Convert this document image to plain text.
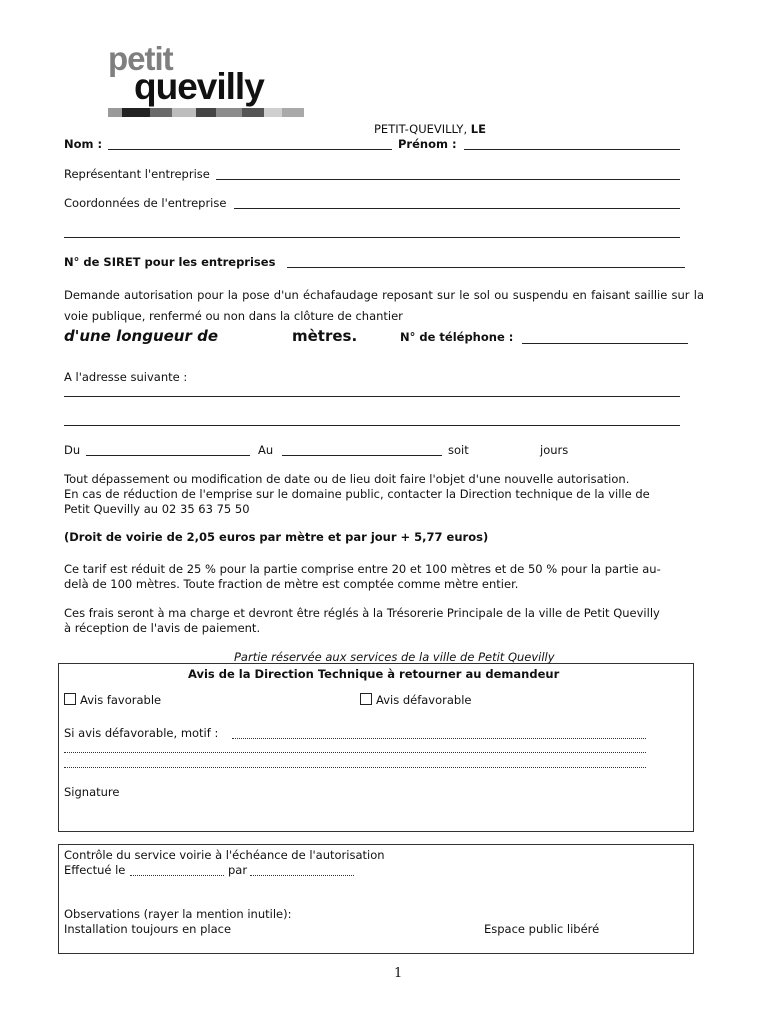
petit
quevilly
PETIT-QUEVILLY, LE
Nom :	Prénom :
Représentant l'entreprise
Coordonnées de l'entreprise
N° de SIRET pour les entreprises
Demande autorisation pour la pose d'un échafaudage reposant sur le sol ou suspendu en faisant saillie sur la voie publique, renfermé ou non dans la clôture de chantier
d'une longueur de	mètres.	N° de téléphone :
A l'adresse suivante :
Du	Au	soit	jours
Tout dépassement ou modification de date ou de lieu doit faire l'objet d'une nouvelle autorisation.
En cas de réduction de l'emprise sur le domaine public, contacter la Direction technique de la ville de
Petit Quevilly au 02 35 63 75 50
(Droit de voirie de 2,05 euros par mètre et par jour + 5,77 euros)
Ce tarif est réduit de 25 % pour la partie comprise entre 20 et 100 mètres et de 50 % pour la partie au-
delà de 100 mètres. Toute fraction de mètre est comptée comme mètre entier.
Ces frais seront à ma charge et devront être réglés à la Trésorerie Principale de la ville de Petit Quevilly
à réception de l'avis de paiement.
Partie réservée aux services de la ville de Petit Quevilly
Avis de la Direction Technique à retourner au demandeur
Avis favorable	Avis défavorable
Si avis défavorable, motif :
Signature
Contrôle du service voirie à l'échéance de l'autorisation
Effectué le	par
Observations (rayer la mention inutile):
Installation toujours en place	Espace public libéré
1
